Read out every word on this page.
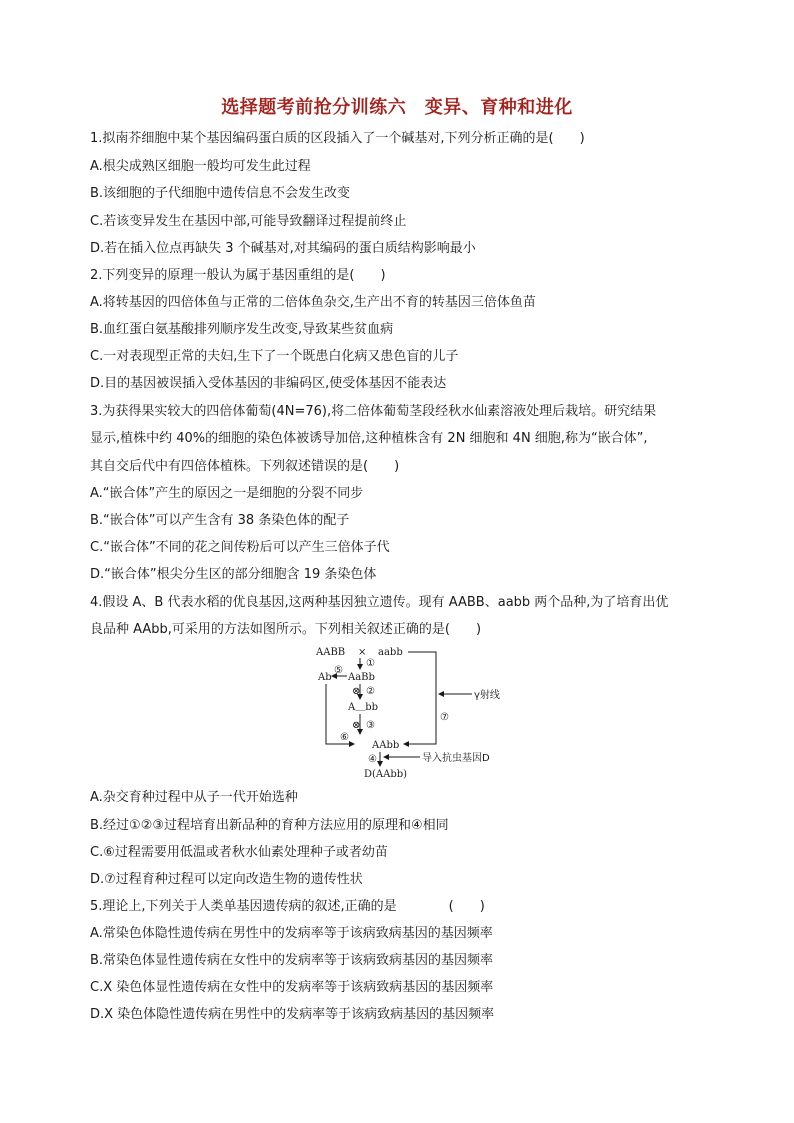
选择题考前抢分训练六　变异、育种和进化
1.拟南芥细胞中某个基因编码蛋白质的区段插入了一个碱基对,下列分析正确的是(　　)
A.根尖成熟区细胞一般均可发生此过程
B.该细胞的子代细胞中遗传信息不会发生改变
C.若该变异发生在基因中部,可能导致翻译过程提前终止
D.若在插入位点再缺失 3 个碱基对,对其编码的蛋白质结构影响最小
2.下列变异的原理一般认为属于基因重组的是(　　)
A.将转基因的四倍体鱼与正常的二倍体鱼杂交,生产出不育的转基因三倍体鱼苗
B.血红蛋白氨基酸排列顺序发生改变,导致某些贫血病
C.一对表现型正常的夫妇,生下了一个既患白化病又患色盲的儿子
D.目的基因被误插入受体基因的非编码区,使受体基因不能表达
3.为获得果实较大的四倍体葡萄(4N=76),将二倍体葡萄茎段经秋水仙素溶液处理后栽培。研究结果
显示,植株中约 40%的细胞的染色体被诱导加倍,这种植株含有 2N 细胞和 4N 细胞,称为“嵌合体”,
其自交后代中有四倍体植株。下列叙述错误的是(　　)
A.“嵌合体”产生的原因之一是细胞的分裂不同步
B.“嵌合体”可以产生含有 38 条染色体的配子
C.“嵌合体”不同的花之间传粉后可以产生三倍体子代
D.“嵌合体”根尖分生区的部分细胞含 19 条染色体
4.假设 A、B 代表水稻的优良基因,这两种基因独立遗传。现有 AABB、aabb 两个品种,为了培育出优
良品种 AAbb,可采用的方法如图所示。下列相关叙述正确的是(　　)
AABB × aabb
①
AaBb
⑤
Ab
⊗ ②
A＿bb
⊗ ③
⑥
AAbb
⑦
γ射线
④	导入抗虫基因D
D(AAbb)
A.杂交育种过程中从子一代开始选种
B.经过①②③过程培育出新品种的育种方法应用的原理和④相同
C.⑥过程需要用低温或者秋水仙素处理种子或者幼苗
D.⑦过程育种过程可以定向改造生物的遗传性状
5.理论上,下列关于人类单基因遗传病的叙述,正确的是　　　　(　　)
A.常染色体隐性遗传病在男性中的发病率等于该病致病基因的基因频率
B.常染色体显性遗传病在女性中的发病率等于该病致病基因的基因频率
C.X 染色体显性遗传病在女性中的发病率等于该病致病基因的基因频率
D.X 染色体隐性遗传病在男性中的发病率等于该病致病基因的基因频率
